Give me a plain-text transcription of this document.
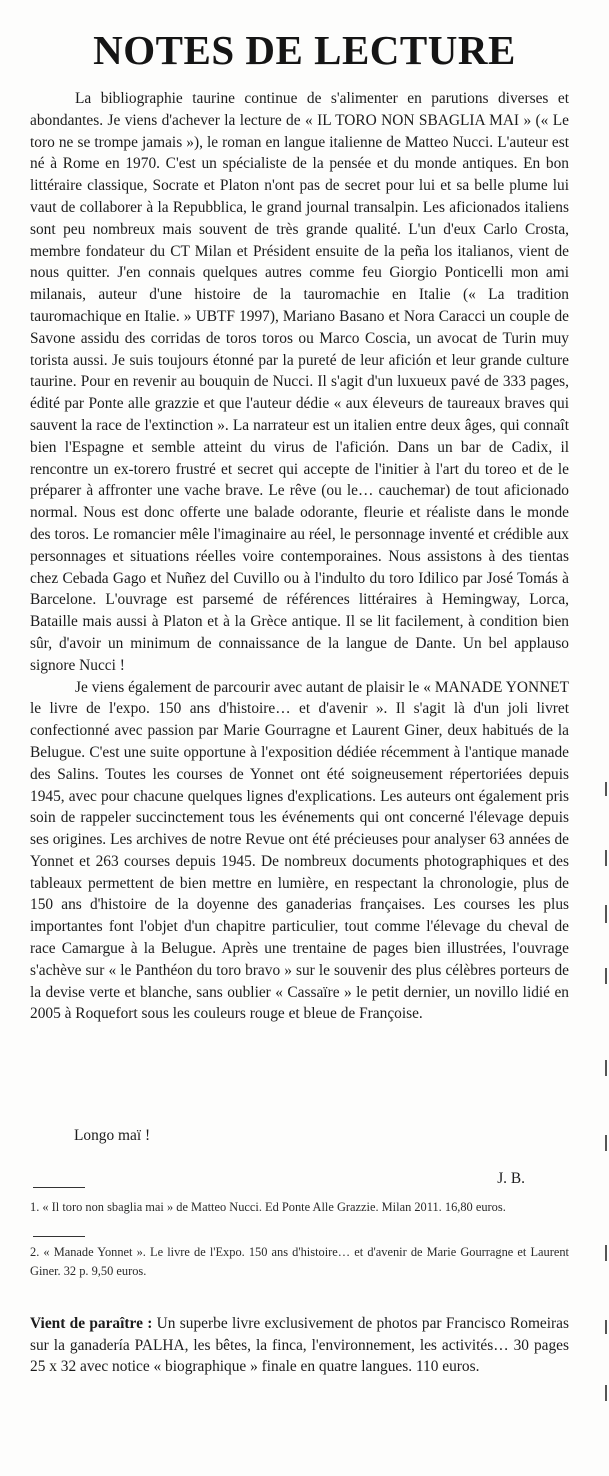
NOTES DE LECTURE

La bibliographie taurine continue de s'alimenter en parutions diverses et abondantes. Je viens d'achever la lecture de « IL TORO NON SBAGLIA MAI » (« Le toro ne se trompe jamais »), le roman en langue italienne de Matteo Nucci. L'auteur est né à Rome en 1970. C'est un spécialiste de la pensée et du monde antiques. En bon littéraire classique, Socrate et Platon n'ont pas de secret pour lui et sa belle plume lui vaut de collaborer à la Repubblica, le grand journal transalpin. Les aficionados italiens sont peu nombreux mais souvent de très grande qualité. L'un d'eux Carlo Crosta, membre fondateur du CT Milan et Président ensuite de la peña los italianos, vient de nous quitter. J'en connais quelques autres comme feu Giorgio Ponticelli mon ami milanais, auteur d'une histoire de la tauromachie en Italie (« La tradition tauromachique en Italie. » UBTF 1997), Mariano Basano et Nora Caracci un couple de Savone assidu des corridas de toros toros ou Marco Coscia, un avocat de Turin muy torista aussi. Je suis toujours étonné par la pureté de leur afición et leur grande culture taurine. Pour en revenir au bouquin de Nucci. Il s'agit d'un luxueux pavé de 333 pages, édité par Ponte alle grazzie et que l'auteur dédie « aux éleveurs de taureaux braves qui sauvent la race de l'extinction ». La narrateur est un italien entre deux âges, qui connaît bien l'Espagne et semble atteint du virus de l'afición. Dans un bar de Cadix, il rencontre un ex-torero frustré et secret qui accepte de l'initier à l'art du toreo et de le préparer à affronter une vache brave. Le rêve (ou le… cauchemar) de tout aficionado normal. Nous est donc offerte une balade odorante, fleurie et réaliste dans le monde des toros. Le romancier mêle l'imaginaire au réel, le personnage inventé et crédible aux personnages et situations réelles voire contemporaines. Nous assistons à des tientas chez Cebada Gago et Nuñez del Cuvillo ou à l'indulto du toro Idilico par José Tomás à Barcelone. L'ouvrage est parsemé de références littéraires à Hemingway, Lorca, Bataille mais aussi à Platon et à la Grèce antique. Il se lit facilement, à condition bien sûr, d'avoir un minimum de connaissance de la langue de Dante. Un bel applauso signore Nucci !

Je viens également de parcourir avec autant de plaisir le « MANADE YONNET le livre de l'expo. 150 ans d'histoire… et d'avenir ». Il s'agit là d'un joli livret confectionné avec passion par Marie Gourragne et Laurent Giner, deux habitués de la Belugue. C'est une suite opportune à l'exposition dédiée récemment à l'antique manade des Salins. Toutes les courses de Yonnet ont été soigneusement répertoriées depuis 1945, avec pour chacune quelques lignes d'explications. Les auteurs ont également pris soin de rappeler succinctement tous les événements qui ont concerné l'élevage depuis ses origines. Les archives de notre Revue ont été précieuses pour analyser 63 années de Yonnet et 263 courses depuis 1945. De nombreux documents photographiques et des tableaux permettent de bien mettre en lumière, en respectant la chronologie, plus de 150 ans d'histoire de la doyenne des ganaderias françaises. Les courses les plus importantes font l'objet d'un chapitre particulier, tout comme l'élevage du cheval de race Camargue à la Belugue. Après une trentaine de pages bien illustrées, l'ouvrage s'achève sur « le Panthéon du toro bravo » sur le souvenir des plus célèbres porteurs de la devise verte et blanche, sans oublier « Cassaïre » le petit dernier, un novillo lidié en 2005 à Roquefort sous les couleurs rouge et bleue de Françoise.

Longo maï !
J. B.
1. « Il toro non sbaglia mai » de Matteo Nucci. Ed Ponte Alle Grazzie. Milan 2011. 16,80 euros.
2. « Manade Yonnet ». Le livre de l'Expo. 150 ans d'histoire… et d'avenir de Marie Gourragne et Laurent Giner. 32 p. 9,50 euros.
Vient de paraître : Un superbe livre exclusivement de photos par Francisco Romeiras sur la ganadería PALHA, les bêtes, la finca, l'environnement, les activités… 30 pages 25 x 32 avec notice « biographique » finale en quatre langues. 110 euros.
